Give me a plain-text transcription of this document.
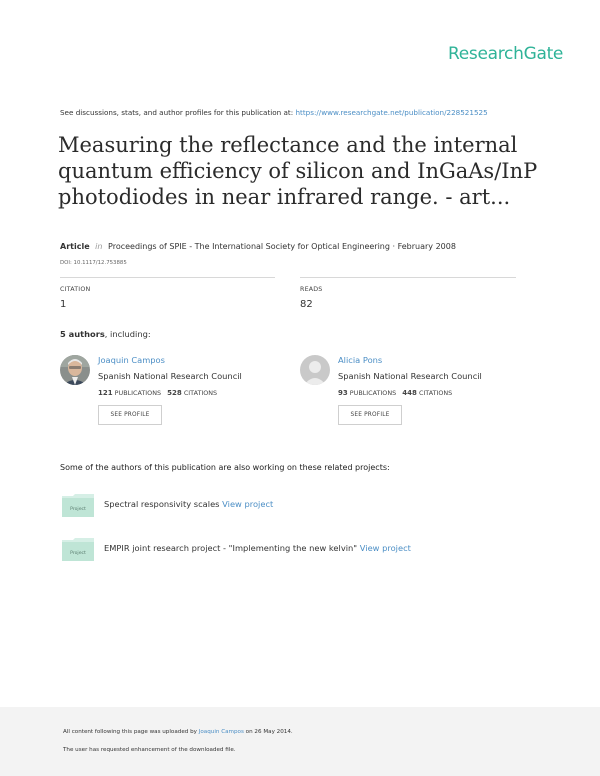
ResearchGate
See discussions, stats, and author profiles for this publication at: https://www.researchgate.net/publication/228521525
Measuring the reflectance and the internal quantum efficiency of silicon and InGaAs/InP photodiodes in near infrared range. - art...
Article in Proceedings of SPIE - The International Society for Optical Engineering · February 2008
DOI: 10.1117/12.753885
CITATION
1
READS
82
5 authors, including:
Joaquin Campos
Spanish National Research Council
121 PUBLICATIONS 528 CITATIONS
SEE PROFILE
Alicia Pons
Spanish National Research Council
93 PUBLICATIONS 448 CITATIONS
SEE PROFILE
Some of the authors of this publication are also working on these related projects:
Project
Spectral responsivity scales View project
Project
EMPIR joint research project - "Implementing the new kelvin" View project
All content following this page was uploaded by Joaquin Campos on 26 May 2014.
The user has requested enhancement of the downloaded file.
